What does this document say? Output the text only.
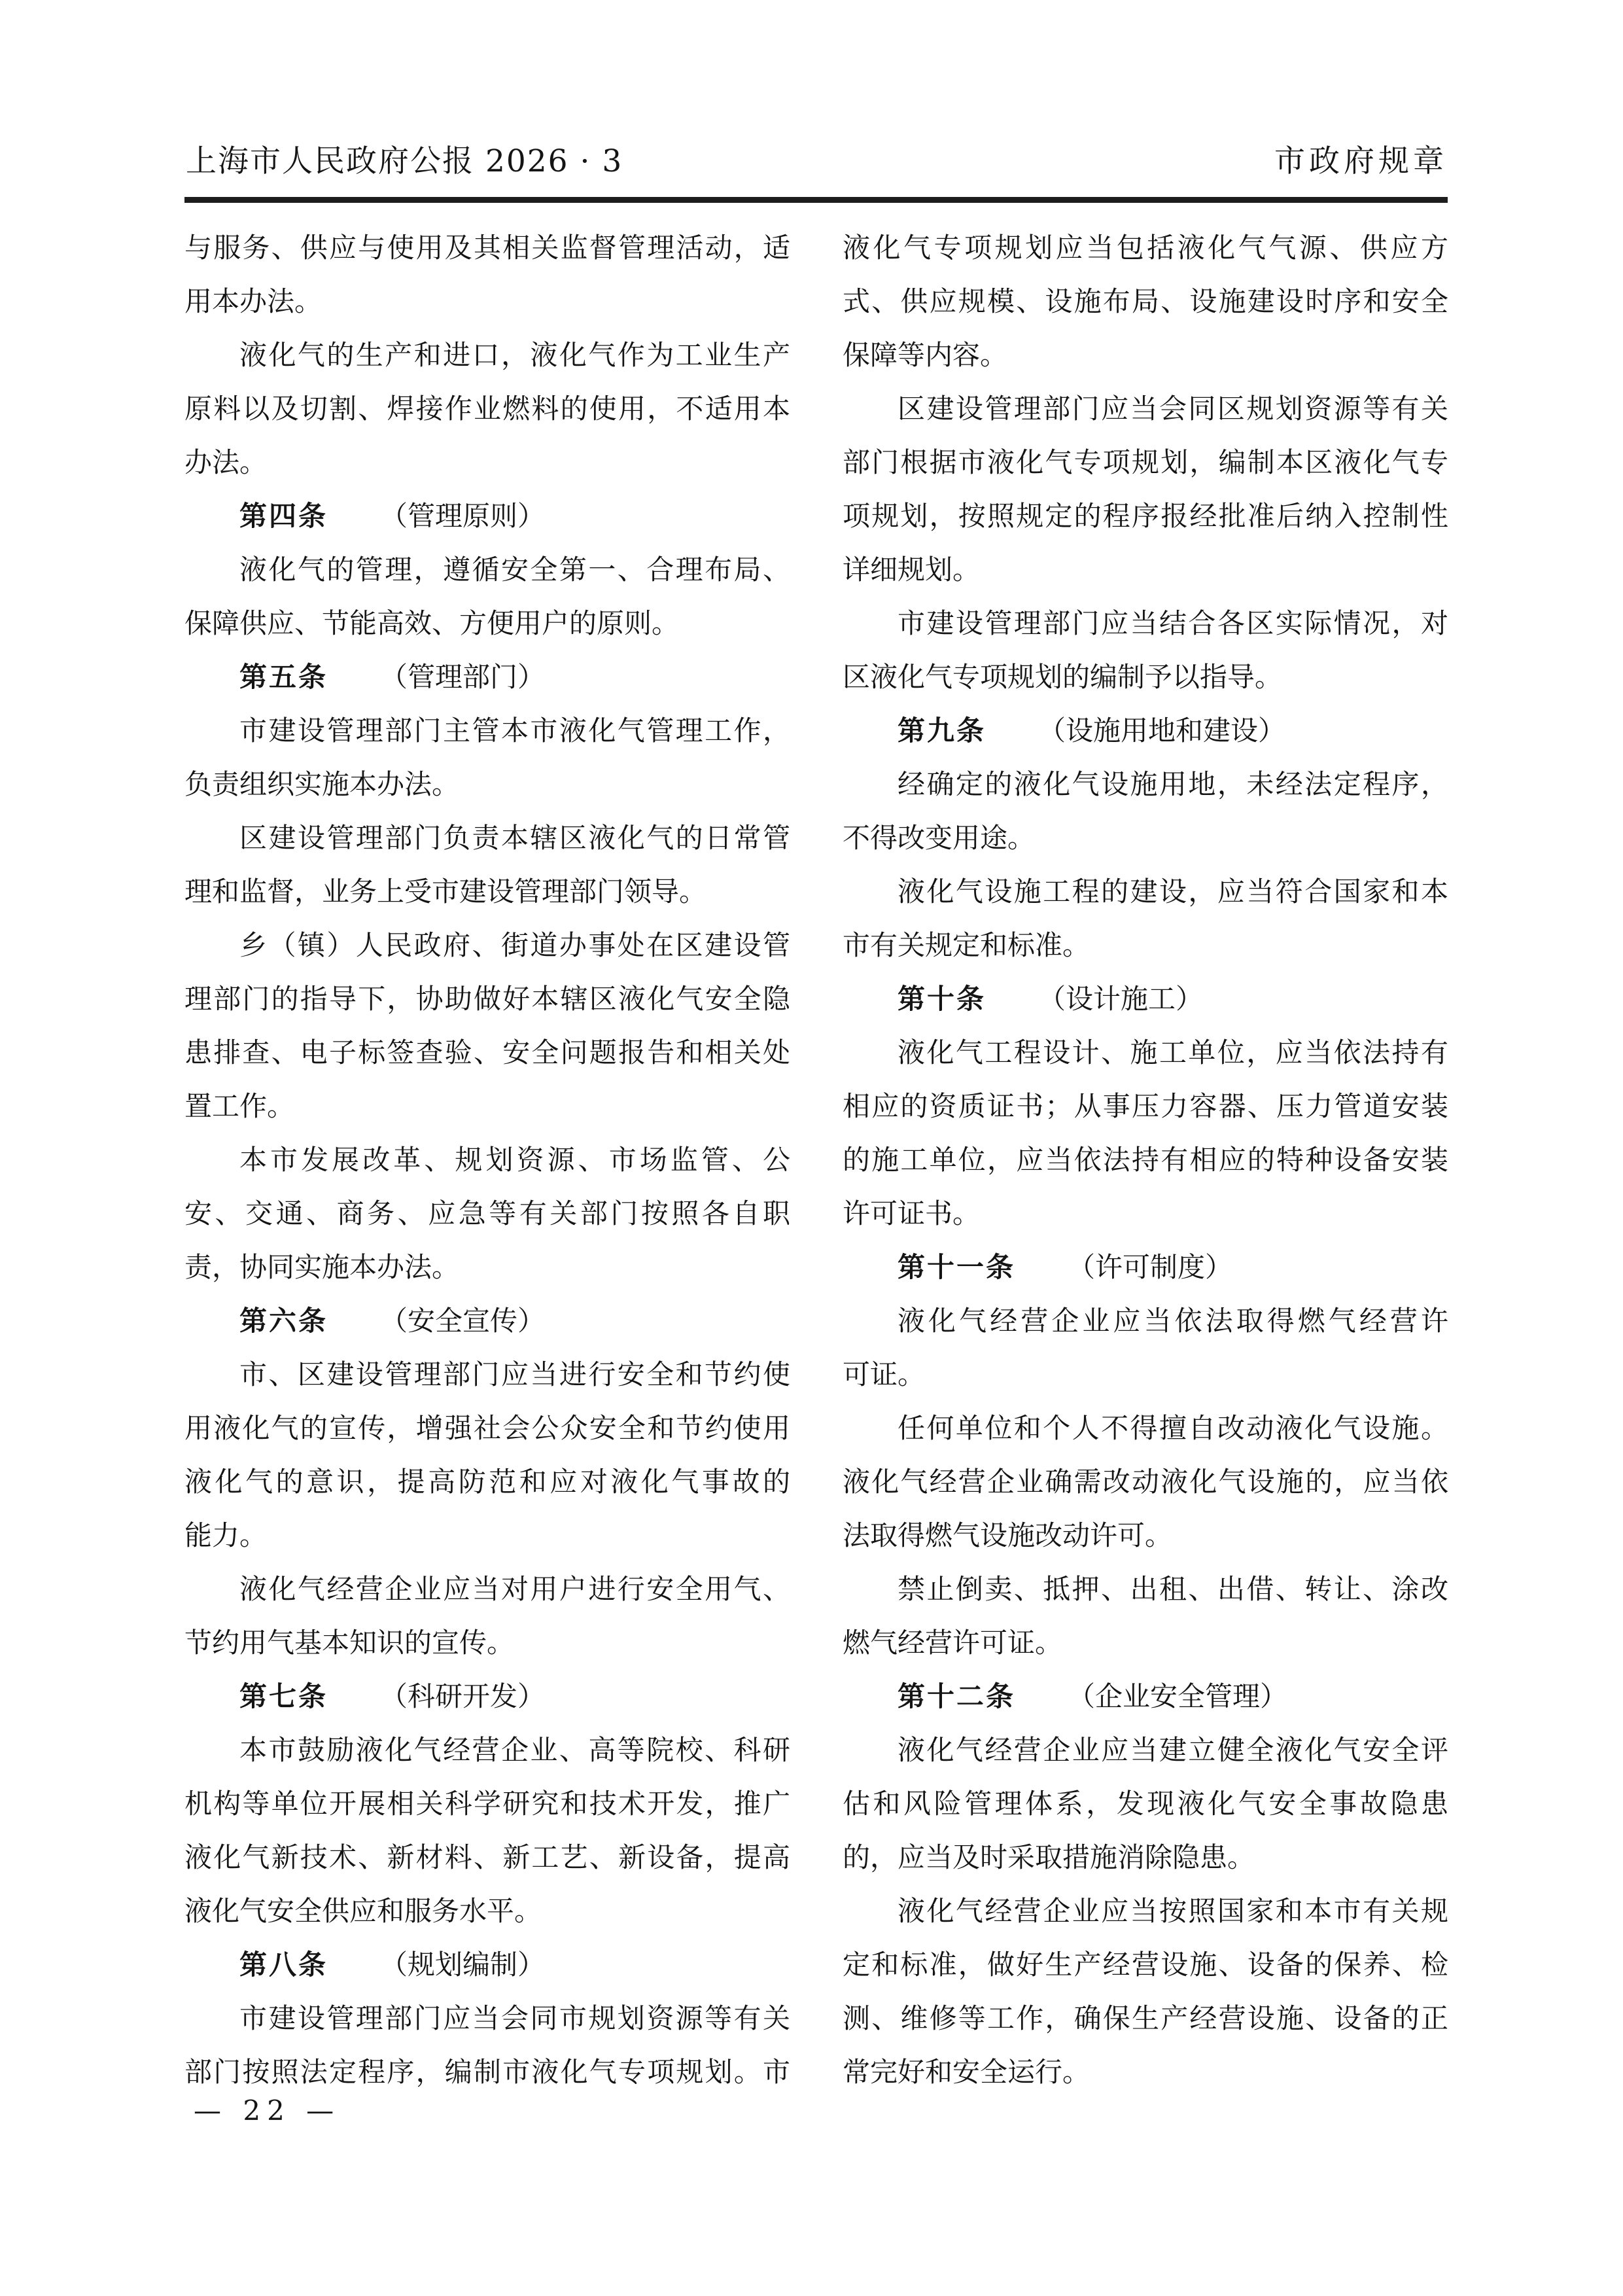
上海市人民政府公报 2026 · 3	市政府规章
与服务、供应与使用及其相关监督管理活动，适
用本办法。
液化气的生产和进口，液化气作为工业生产
原料以及切割、焊接作业燃料的使用，不适用本
办法。
第四条 （管理原则）
液化气的管理，遵循安全第一、合理布局、
保障供应、节能高效、方便用户的原则。
第五条 （管理部门）
市建设管理部门主管本市液化气管理工作，
负责组织实施本办法。
区建设管理部门负责本辖区液化气的日常管
理和监督，业务上受市建设管理部门领导。
乡（镇）人民政府、街道办事处在区建设管
理部门的指导下，协助做好本辖区液化气安全隐
患排查、电子标签查验、安全问题报告和相关处
置工作。
本市发展改革、规划资源、市场监管、公
安、交通、商务、应急等有关部门按照各自职
责，协同实施本办法。
第六条 （安全宣传）
市、区建设管理部门应当进行安全和节约使
用液化气的宣传，增强社会公众安全和节约使用
液化气的意识，提高防范和应对液化气事故的
能力。
液化气经营企业应当对用户进行安全用气、
节约用气基本知识的宣传。
第七条 （科研开发）
本市鼓励液化气经营企业、高等院校、科研
机构等单位开展相关科学研究和技术开发，推广
液化气新技术、新材料、新工艺、新设备，提高
液化气安全供应和服务水平。
第八条 （规划编制）
市建设管理部门应当会同市规划资源等有关
部门按照法定程序，编制市液化气专项规划。市
液化气专项规划应当包括液化气气源、供应方
式、供应规模、设施布局、设施建设时序和安全
保障等内容。
区建设管理部门应当会同区规划资源等有关
部门根据市液化气专项规划，编制本区液化气专
项规划，按照规定的程序报经批准后纳入控制性
详细规划。
市建设管理部门应当结合各区实际情况，对
区液化气专项规划的编制予以指导。
第九条 （设施用地和建设）
经确定的液化气设施用地，未经法定程序，
不得改变用途。
液化气设施工程的建设，应当符合国家和本
市有关规定和标准。
第十条 （设计施工）
液化气工程设计、施工单位，应当依法持有
相应的资质证书；从事压力容器、压力管道安装
的施工单位，应当依法持有相应的特种设备安装
许可证书。
第十一条 （许可制度）
液化气经营企业应当依法取得燃气经营许
可证。
任何单位和个人不得擅自改动液化气设施。
液化气经营企业确需改动液化气设施的，应当依
法取得燃气设施改动许可。
禁止倒卖、抵押、出租、出借、转让、涂改
燃气经营许可证。
第十二条 （企业安全管理）
液化气经营企业应当建立健全液化气安全评
估和风险管理体系，发现液化气安全事故隐患
的，应当及时采取措施消除隐患。
液化气经营企业应当按照国家和本市有关规
定和标准，做好生产经营设施、设备的保养、检
测、维修等工作，确保生产经营设施、设备的正
常完好和安全运行。
— 22 —
